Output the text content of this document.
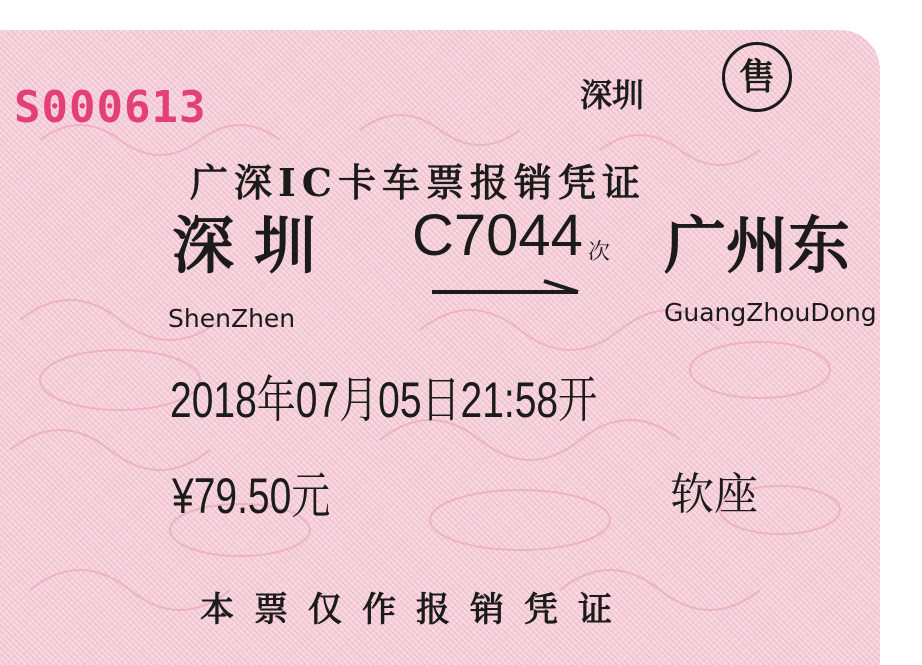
S000613	深圳	售
广深IC卡车票报销凭证
深圳 C7044 次 广州东
ShenZhen	GuangZhouDong
2018年07月05日21:58开
¥79.50元	软座
本票仅作报销凭证
